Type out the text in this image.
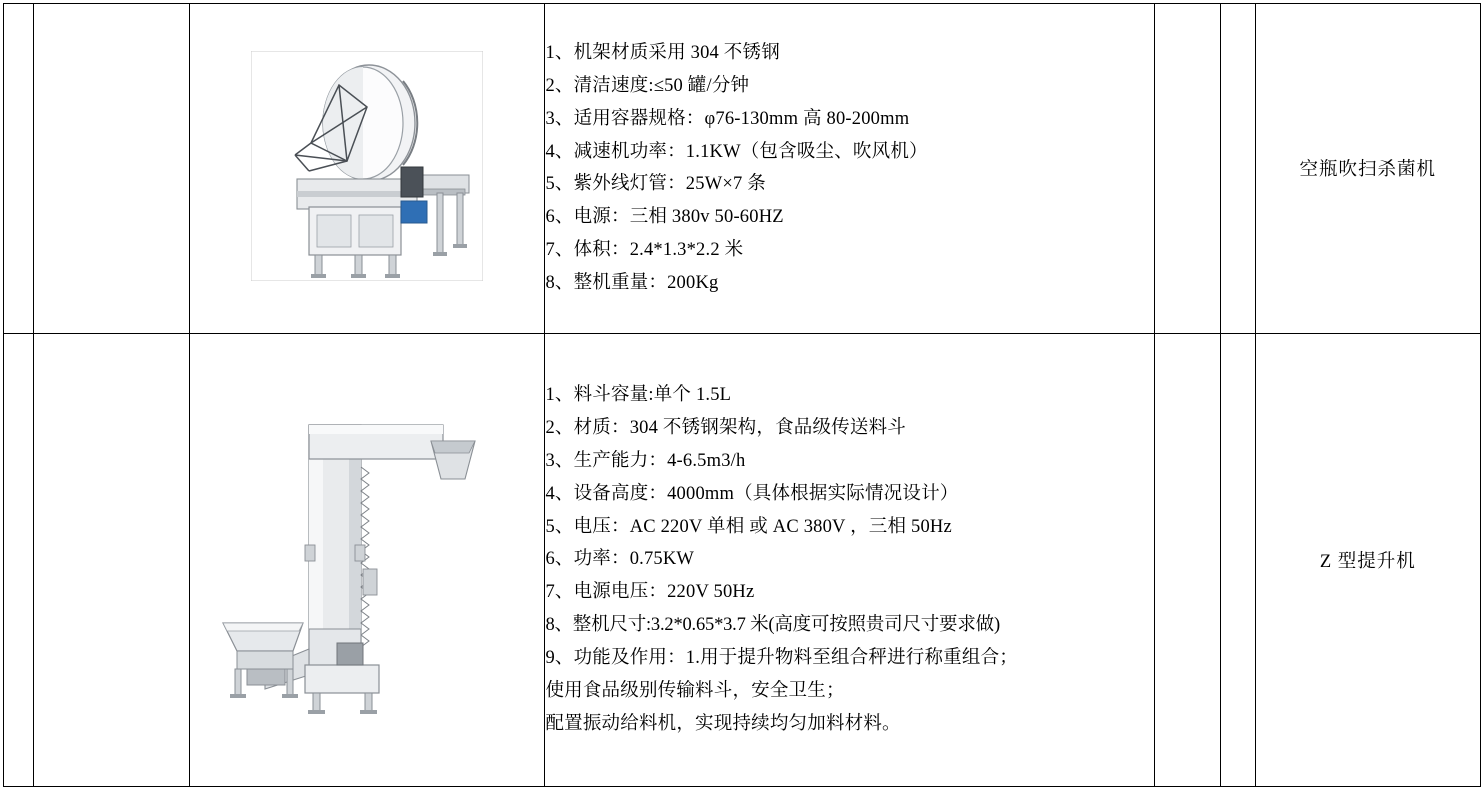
1、机架材质采用 304 不锈钢
2、清洁速度:≤50 罐/分钟
3、适用容器规格：φ76-130mm 高 80-200mm
4、减速机功率：1.1KW（包含吸尘、吹风机）
5、紫外线灯管：25W×7 条
6、电源：三相 380v 50-60HZ
7、体积：2.4*1.3*2.2 米
8、整机重量：200Kg
			空瓶吹扫杀菌机

1、料斗容量:单个 1.5L
2、材质：304 不锈钢架构，食品级传送料斗
3、生产能力：4-6.5m3/h
4、设备高度：4000mm（具体根据实际情况设计）
5、电压：AC 220V 单相 或 AC 380V ，三相 50Hz
6、功率：0.75KW
7、电源电压：220V 50Hz
8、整机尺寸:3.2*0.65*3.7 米(高度可按照贵司尺寸要求做)
9、功能及作用：1.用于提升物料至组合秤进行称重组合；
使用食品级别传输料斗，安全卫生；
配置振动给料机，实现持续均匀加料材料。
			Z 型提升机
